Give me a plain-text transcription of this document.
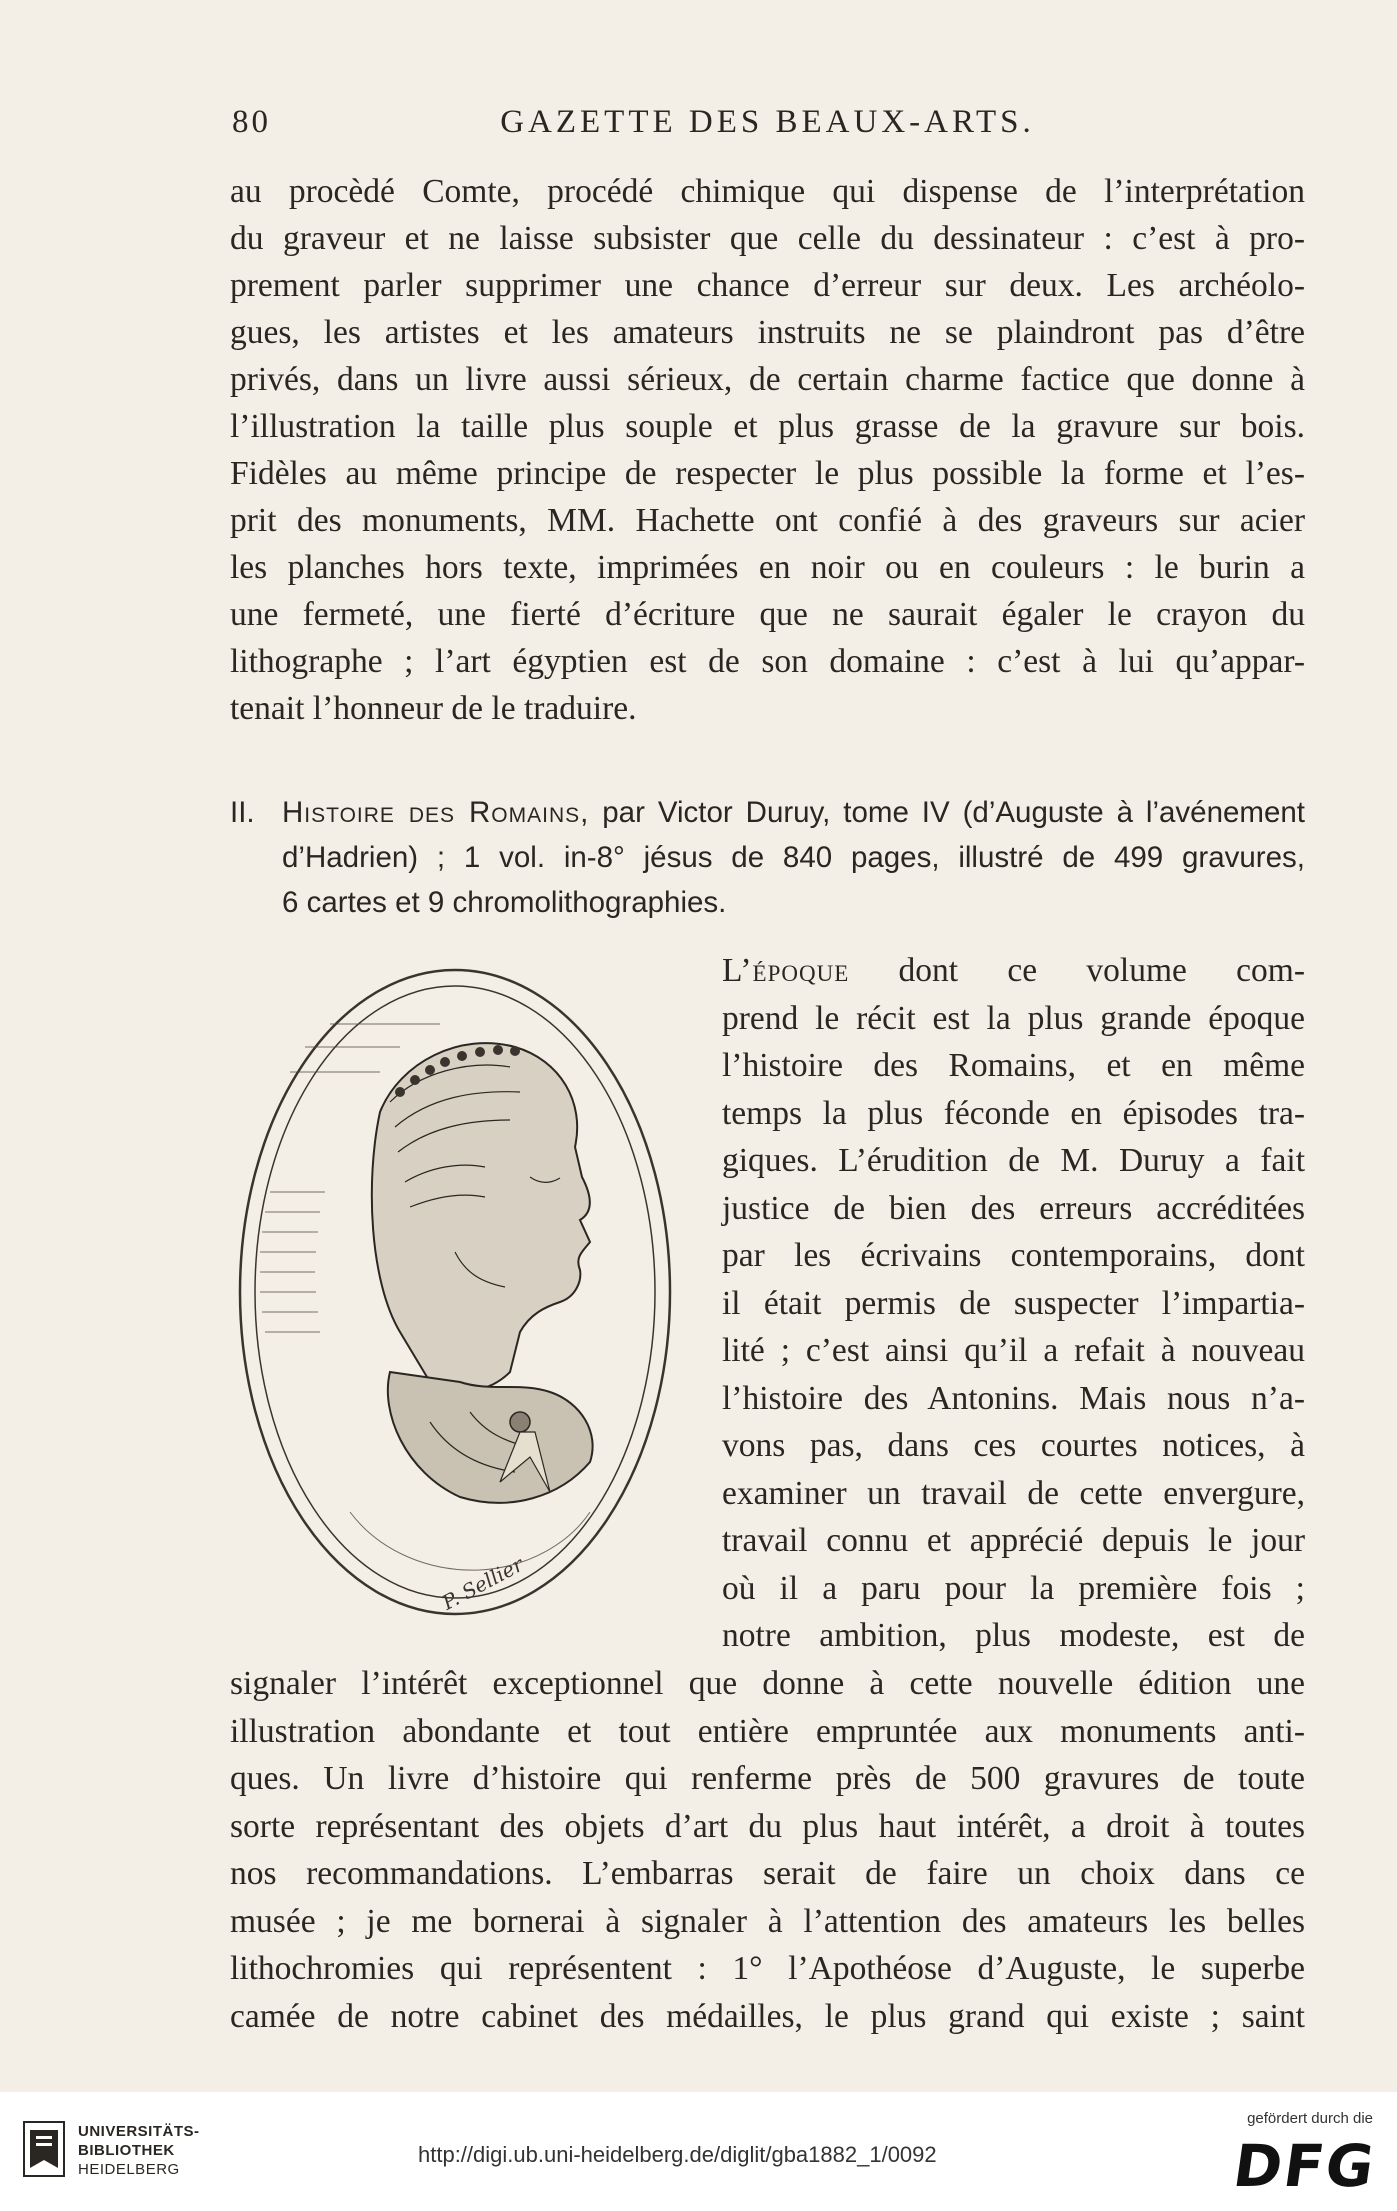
80	GAZETTE DES BEAUX-ARTS.
au procèdé Comte, procédé chimique qui dispense de l’interprétation
du graveur et ne laisse subsister que celle du dessinateur : c’est à pro-
prement parler supprimer une chance d’erreur sur deux. Les archéolo-
gues, les artistes et les amateurs instruits ne se plaindront pas d’être
privés, dans un livre aussi sérieux, de certain charme factice que donne à
l’illustration la taille plus souple et plus grasse de la gravure sur bois.
Fidèles au même principe de respecter le plus possible la forme et l’es-
prit des monuments, MM. Hachette ont confié à des graveurs sur acier
les planches hors texte, imprimées en noir ou en couleurs : le burin a
une fermeté, une fierté d’écriture que ne saurait égaler le crayon du
lithographe ; l’art égyptien est de son domaine : c’est à lui qu’appar-
tenait l’honneur de le traduire.
II. Histoire des Romains, par Victor Duruy, tome IV (d’Auguste à l’avénement
d’Hadrien) ; 1 vol. in-8° jésus de 840 pages, illustré de 499 gravures,
6 cartes et 9 chromolithographies.
P. Sellier
L’époque dont ce volume com-
prend le récit est la plus grande époque
l’histoire des Romains, et en même
temps la plus féconde en épisodes tra-
giques. L’érudition de M. Duruy a fait
justice de bien des erreurs accréditées
par les écrivains contemporains, dont
il était permis de suspecter l’impartia-
lité ; c’est ainsi qu’il a refait à nouveau
l’histoire des Antonins. Mais nous n’a-
vons pas, dans ces courtes notices, à
examiner un travail de cette envergure,
travail connu et apprécié depuis le jour
où il a paru pour la première fois ;
notre ambition, plus modeste, est de
signaler l’intérêt exceptionnel que donne à cette nouvelle édition une
illustration abondante et tout entière empruntée aux monuments anti-
ques. Un livre d’histoire qui renferme près de 500 gravures de toute
sorte représentant des objets d’art du plus haut intérêt, a droit à toutes
nos recommandations. L’embarras serait de faire un choix dans ce
musée ; je me bornerai à signaler à l’attention des amateurs les belles
lithochromies qui représentent : 1° l’Apothéose d’Auguste, le superbe
camée de notre cabinet des médailles, le plus grand qui existe ; saint
UNIVERSITÄTS-
BIBLIOTHEK
HEIDELBERG
http://digi.ub.uni-heidelberg.de/diglit/gba1882_1/0092
gefördert durch die
DFG
